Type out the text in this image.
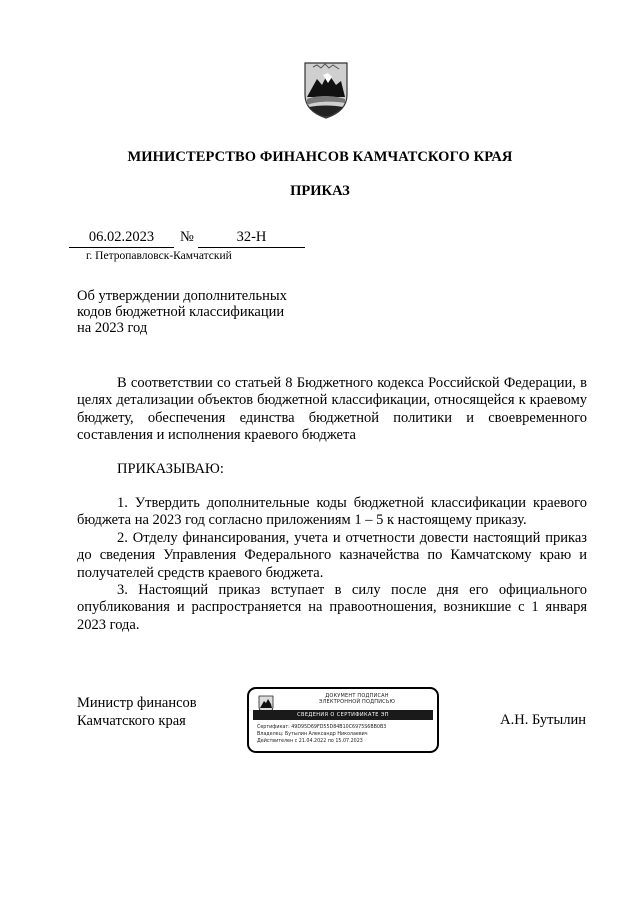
МИНИСТЕРСТВО ФИНАНСОВ КАМЧАТСКОГО КРАЯ
ПРИКАЗ
06.02.2023	№	32-Н
г. Петропавловск-Камчатский
Об утверждении дополнительных
кодов бюджетной классификации
на 2023 год
В соответствии со статьей 8 Бюджетного кодекса Российской Федерации, в целях детализации объектов бюджетной классификации, относящейся к краевому бюджету, обеспечения единства бюджетной политики и своевременного составления и исполнения краевого бюджета
ПРИКАЗЫВАЮ:
1. Утвердить дополнительные коды бюджетной классификации краевого бюджета на 2023 год согласно приложениям 1 – 5 к настоящему приказу.
2. Отделу финансирования, учета и отчетности довести настоящий приказ до сведения Управления Федерального казначейства по Камчатскому краю и получателей средств краевого бюджета.
3. Настоящий приказ вступает в силу после дня его официального опубликования и распространяется на правоотношения, возникшие с 1 января 2023 года.
Министр финансов
Камчатского края
ДОКУМЕНТ ПОДПИСАН
ЭЛЕКТРОННОЙ ПОДПИСЬЮ
СВЕДЕНИЯ О СЕРТИФИКАТЕ ЭП
Сертификат: 49D95D69FD55D84B10C6975S6BB0B3
Владелец: Бутылин Александр Николаевич
Действителен с 21.04.2022 по 15.07.2023
А.Н. Бутылин
